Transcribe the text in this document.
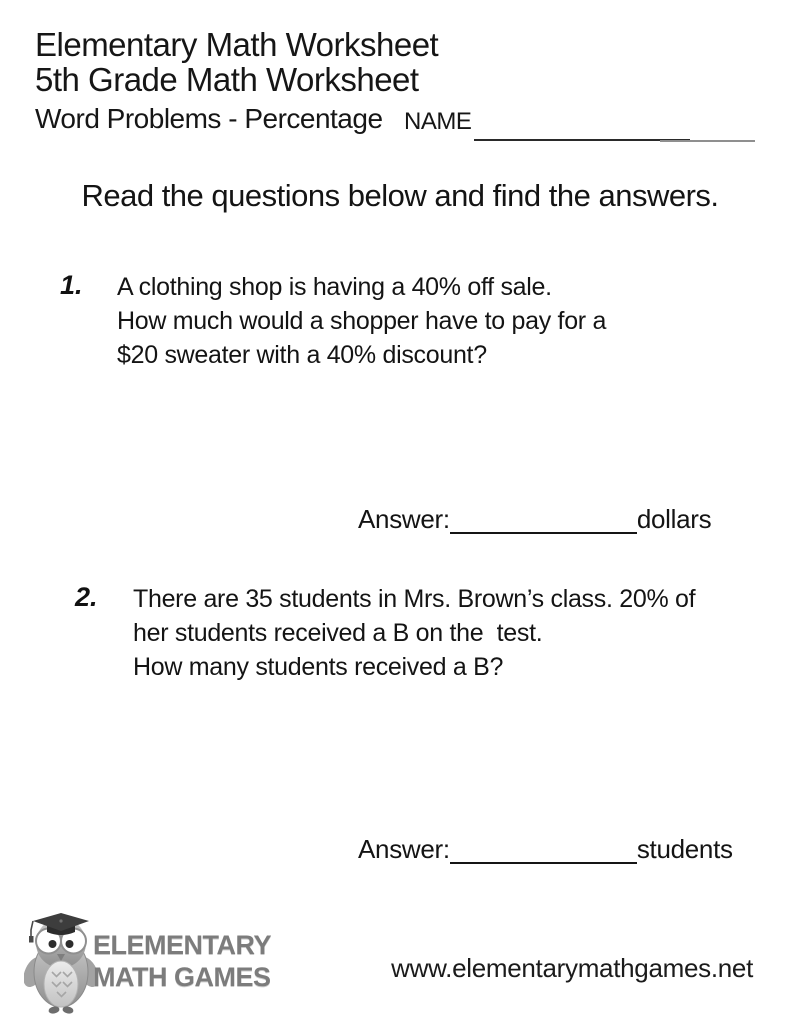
Elementary Math Worksheet
5th Grade Math Worksheet
Word Problems - Percentage NAME
Read the questions below and find the answers.
1. A clothing shop is having a 40% off sale.
How much would a shopper have to pay for a
$20 sweater with a 40% discount?
Answer:	dollars
2. There are 35 students in Mrs. Brown’s class. 20% of
her students received a B on the  test.
How many students received a B?
Answer:	students
ELEMENTARY
MATH GAMES	www.elementarymathgames.net
